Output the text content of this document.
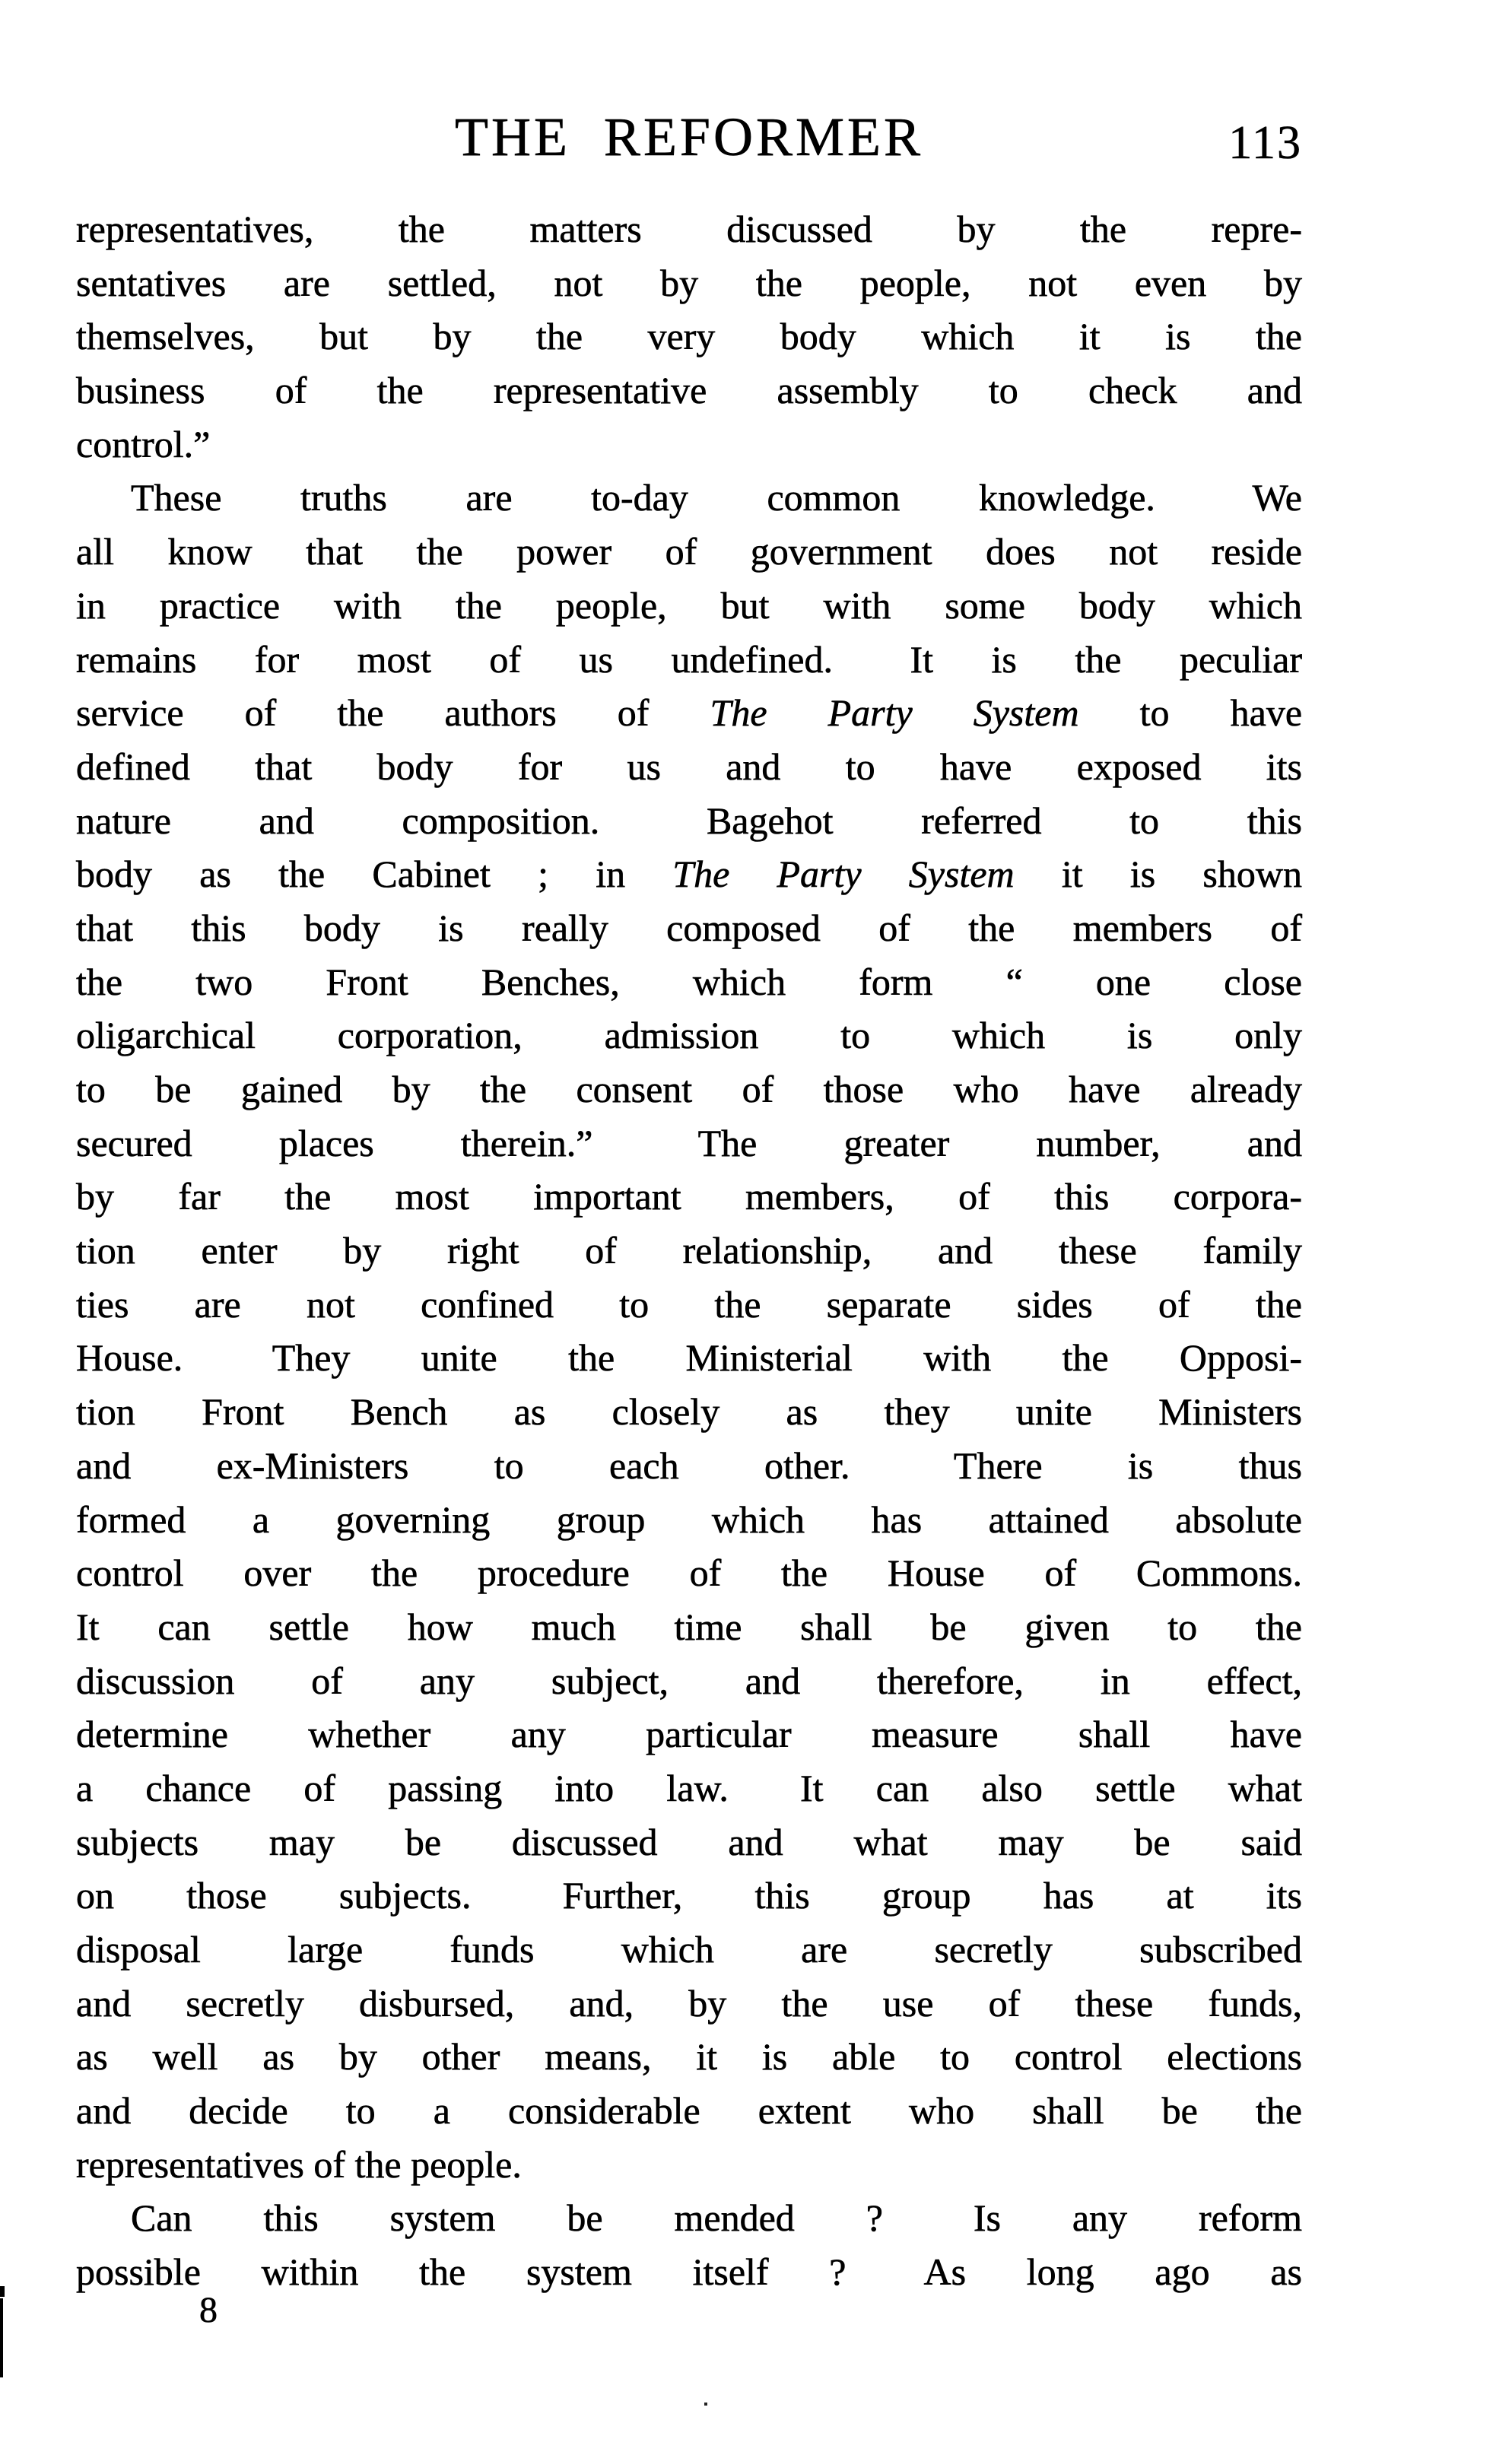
THE REFORMER	113
representatives, the matters discussed by the repre-
sentatives are settled, not by the people, not even by
themselves, but by the very body which it is the
business of the representative assembly to check and
control.”
These truths are to-day common knowledge.  We
all know that the power of government does not reside
in practice with the people, but with some body which
remains for most of us undefined.  It is the peculiar
service of the authors of The Party System to have
defined that body for us and to have exposed its
nature and composition.  Bagehot referred to this
body as the Cabinet ; in The Party System it is shown
that this body is really composed of the members of
the two Front Benches, which form “ one close
oligarchical corporation, admission to which is only
to be gained by the consent of those who have already
secured places therein.”  The greater number, and
by far the most important members, of this corpora-
tion enter by right of relationship, and these family
ties are not confined to the separate sides of the
House.  They unite the Ministerial with the Opposi-
tion Front Bench as closely as they unite Ministers
and ex-Ministers to each other.  There is thus
formed a governing group which has attained absolute
control over the procedure of the House of Commons.
It can settle how much time shall be given to the
discussion of any subject, and therefore, in effect,
determine whether any particular measure shall have
a chance of passing into law.  It can also settle what
subjects may be discussed and what may be said
on those subjects.  Further, this group has at its
disposal large funds which are secretly subscribed
and secretly disbursed, and, by the use of these funds,
as well as by other means, it is able to control elections
and decide to a considerable extent who shall be the
representatives of the people.
Can this system be mended ?  Is any reform
possible within the system itself ?  As long ago as
8
